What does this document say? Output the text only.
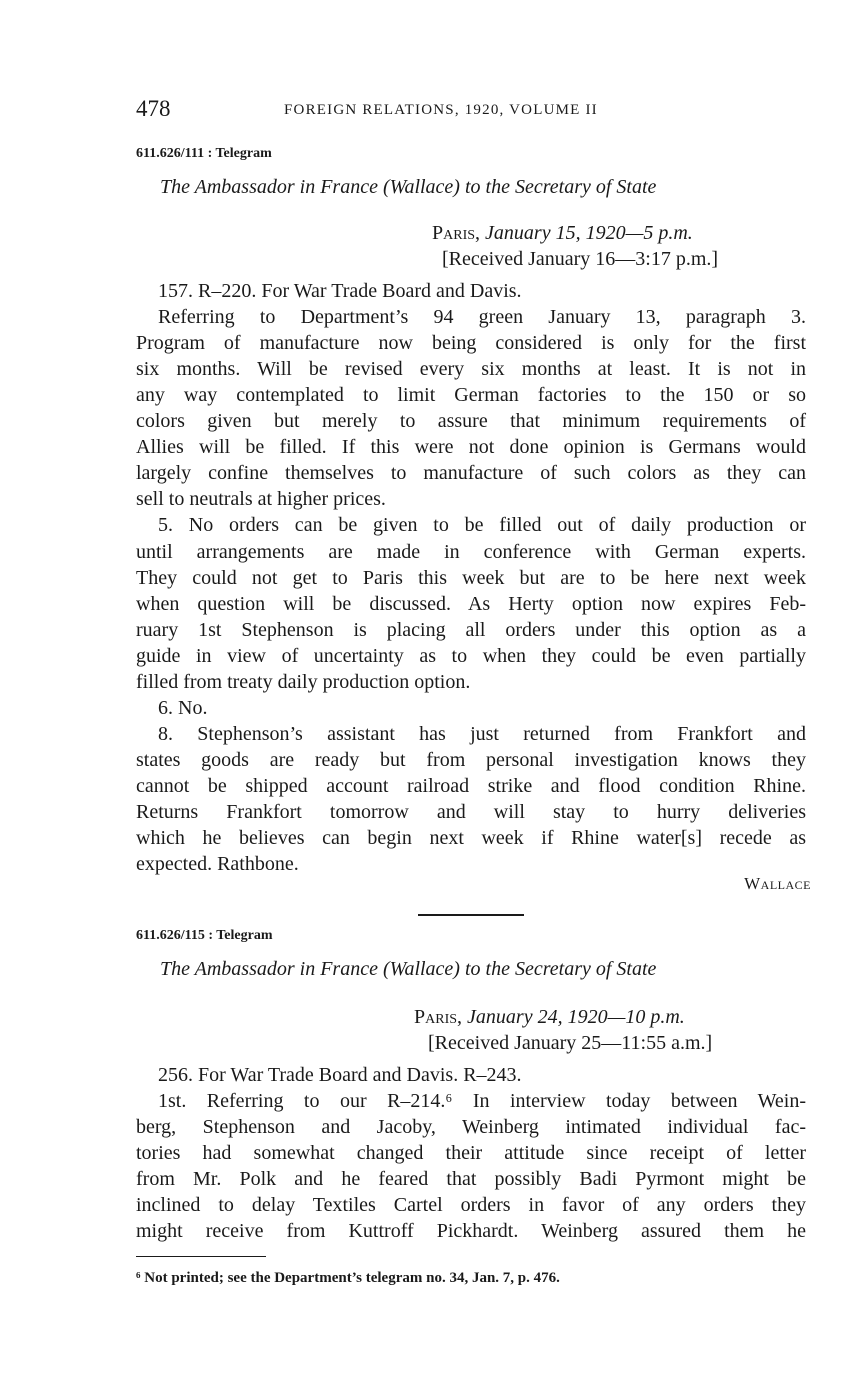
478	FOREIGN RELATIONS, 1920, VOLUME II
611.626/111 : Telegram
The Ambassador in France (Wallace) to the Secretary of State
Paris, January 15, 1920—5 p.m.
[Received January 16—3:17 p.m.]
157. R–220. For War Trade Board and Davis.
Referring to Department’s 94 green January 13, paragraph 3.
Program of manufacture now being considered is only for the first
six months. Will be revised every six months at least. It is not in
any way contemplated to limit German factories to the 150 or so
colors given but merely to assure that minimum requirements of
Allies will be filled. If this were not done opinion is Germans would
largely confine themselves to manufacture of such colors as they can
sell to neutrals at higher prices.
5. No orders can be given to be filled out of daily production or
until arrangements are made in conference with German experts.
They could not get to Paris this week but are to be here next week
when question will be discussed. As Herty option now expires Feb-
ruary 1st Stephenson is placing all orders under this option as a
guide in view of uncertainty as to when they could be even partially
filled from treaty daily production option.
6. No.
8. Stephenson’s assistant has just returned from Frankfort and
states goods are ready but from personal investigation knows they
cannot be shipped account railroad strike and flood condition Rhine.
Returns Frankfort tomorrow and will stay to hurry deliveries
which he believes can begin next week if Rhine water[s] recede as
expected. Rathbone.
Wallace
611.626/115 : Telegram
The Ambassador in France (Wallace) to the Secretary of State
Paris, January 24, 1920—10 p.m.
[Received January 25—11:55 a.m.]
256. For War Trade Board and Davis. R–243.
1st. Referring to our R–214.⁶ In interview today between Wein-
berg, Stephenson and Jacoby, Weinberg intimated individual fac-
tories had somewhat changed their attitude since receipt of letter
from Mr. Polk and he feared that possibly Badi Pyrmont might be
inclined to delay Textiles Cartel orders in favor of any orders they
might receive from Kuttroff Pickhardt. Weinberg assured them he
⁶ Not printed; see the Department’s telegram no. 34, Jan. 7, p. 476.
